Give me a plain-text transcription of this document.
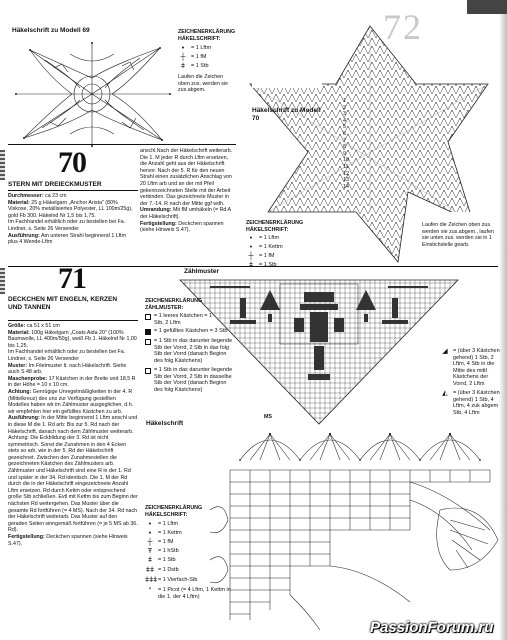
72
Häkelschrift zu Modell 69	ZEICHENERKLÄRUNG HÄKELSCHRIFT:
•	= 1 Lftm
┼	= 1 fM
ǂ	= 1 Stb
Laufen die Zeichen oben zus. werden sie zus.abgem.
Häkelschrift zu Modell 70
1
2
3
4
5
6
7
8
9
10
11
12
13
14
70
STERN MIT DREIECKMUSTER

Durchmesser: ca 23 cm

Material: 25 g Häkelgarn „Anchor Arista" (80% Viskose, 20% metallisiertes Polyester, LL 100m/25g), gold Fb 300. Häkelnd Nr 1,5 bis 1,75.

Im Fachhandel erhältlich oder zu bestellen bei Fa. Lindner, s. Seite 26 Versender

Ausführung: Am unteren Strahl beginnend 1 Lftm plus 4 Wende-Lftm

anschl.Nach der Häkelschrift weiterarb. Die 1. M jeder R durch Lftm ersetzen, die Anzahl geht aus der Häkelschrift hervor. Nach der 5. R für den neuen Strahl einen zusätzlichen Anschlag von 20 Lftm arb und an der mit Pfeil gekennzeichneten Stelle mit der Arbeit verbinden. Das gezeichnete Muster in der 7.-14. R nach der Mitte ggf wdh.

Umrandung: Mit fM umhäkeln (= Rd A der Häkelschrift).

Fertigstellung: Deckchen spannen (siehe Hinweis S.47).

ZEICHENERKLÄRUNG HÄKELSCHRIFT:
•	= 1 Lftm
•	= 1 Kettm
┼	= 1 fM
Laufen die Zeichen oben zus. werden sie zus.abgem., laufen sie unten zus. werden sie in 1 Einstichstelle gearb.
71
DECKCHEN MIT ENGELN, KERZEN UND TANNEN

Größe: ca 51 x 51 cm

Material: 100g Häkelgarn „Coats Aida 20" (100% Baumwolle, LL 400m/50g), weiß Fb 1. Häkelnd Nr 1,00 bis 1,25.

Im Fachhandel erhältlich oder zu bestellen bei Fa. Lindner, s. Seite 26 Versender

Muster: Im Filetmuster lt. nach Häkelschrift. Siehe auch S 48 arb.

Maschenprobe: 17 Kästchen in der Breite und 18,5 R in der Höhe = 10 x 10 cm.

Achtung: Genrügige Unregelmäßigkeiten in der 4. R (Mittelkreuz) des uns zur Verfügung gestellten Modelles haben wir im Zählmuster ausgeglichen, d.h. wir empfehlen hier ein gefülltes Kästchen zu arb.

Ausführung: In der Mitte beginnend 1 Lftm anschl und in diese M die 1. Rd arb: Bis zur 5. Rd nach der Häkelschrift, danach nach dem Zählmuster weiterarb. Achtung: Die Eckbildung der 3. Rd ist nicht symmetrisch. Sonst die Zunahmen in den 4 Ecken stets so arb, wie in der 5. Rd der Häkelschrift gezeichnet. Zwischen den Zunahmestellen die gezeichneten Kästchen des Zählmusters arb. Zählmuster und Häkelschrift sind eine R in der 1. Rd und später in der 34. Rd identisch. Die 1. M der Rd durch die in der Häkelschrift eingezeichnete Anzahl Lftm ersetzen. Rd durch Kettm oder entsprechend große Stb schließen. Evtl mit Kettm bis zum Beginn der nächsten Rd weitergehen. Das Muster über die gesamte Rd fortführen (= 4 MS). Nach der 34. Rd nach der Häkelschrift weiterarb. Das Muster auf den geraden Seiten sinngemäß fortführen (= je 5 MS ab 36. Rd).

Fertigstellung: Deckchen spannen (siehe Hinweis S.47).

Zählmuster
ZEICHENERKLÄRUNG ZÄHLMUSTER:
= 1 leeres Kästchen = 1 Stb, 2 Lftm
= 1 gefülltes Kästchen = 3 Stb
= 1 Stb in das darunter liegende Stb der Vorrd, 2 Stb in das folg Stb der Vorrd (danach Beginn des folg Kästchens)
= 1 Stb in das darunter liegende Stb der Vorrd, 2 Stb in dasselbe Stb der Vorrd (danach Beginn des folg Kästchens)
◢ = (über 3 Kästchen gehend) 1 Stb, 2 Lftm, 4 Stb in die Mitte des mittl Kästchens der Vorrd, 2 Lftm
◭ = (über 3 Kästchen gehend) 1 Stb, 4 Lftm, 4 zuk abgem Stb, 4 Lftm
Häkelschrift
MS
ZEICHENERKLÄRUNG HÄKELSCHRIFT:
•	= 1 Lftm
•	= 1 Kettm
┼	= 1 fM
Ŧ	= 1 hStb
ǂ	= 1 Stb
ǂǂ = 1 Dstb
ǂǂǂ = 1 Vierfach-Stb
ᐤ	= 1 Picot (= 4 Lftm, 1 Kettm in die 1. der 4 Lftm)
PassionForum.ru
